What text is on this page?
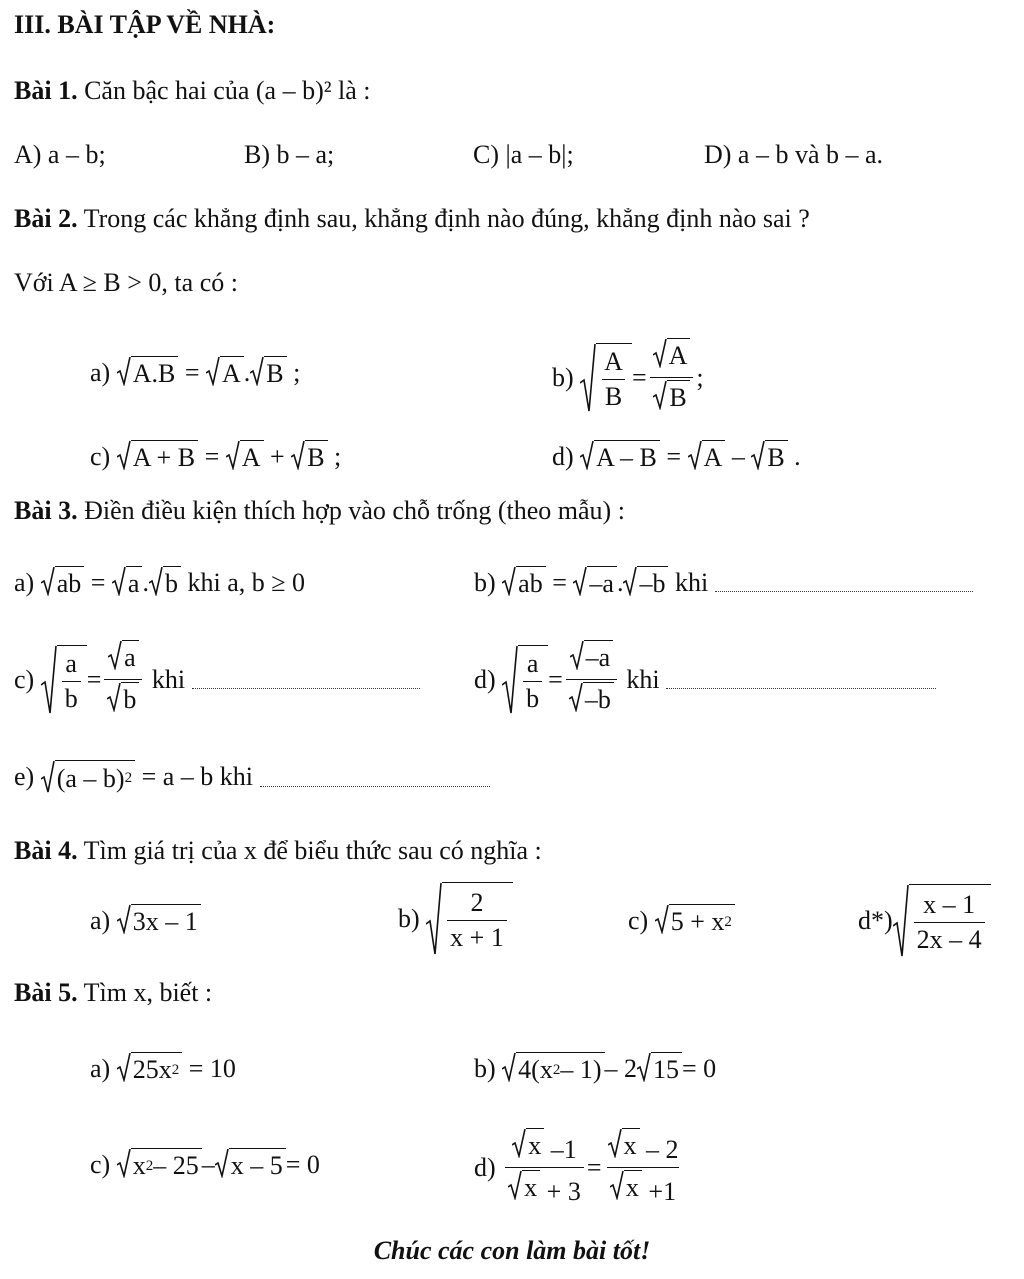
III. BÀI TẬP VỀ NHÀ:
Bài 1. Căn bậc hai của (a – b)² là :
A) a – b;	B) b – a;	C) |a – b|;	D) a – b và b – a.
Bài 2. Trong các khẳng định sau, khẳng định nào đúng, khẳng định nào sai ?
Với A ≥ B > 0, ta có :
a)
A.B = A . B
;	b)
$\frac{A}{B} = \frac{A}{B}$ ;
c)
A + B = A + B
;	d)
A – B = A – B
.
Bài 3. Điền điều kiện thích hợp vào chỗ trống (theo mẫu) :
a)
ab = a . b
khi a, b ≥ 0	b)
ab = –a . –b
khi

c)
$\frac{a}{b} = \frac{a}{b}$
khi
	d)
$\frac{a}{b} = \frac{-a}{-b}$
khi

e)
(a – b) 2
= a – b
khi

Bài 4. Tìm giá trị của x để biểu thức sau có nghĩa :
a)
3x – 1	b)
$\frac{2}{x + 1}$	c)
5 + x 2	$d*) \frac{x - 1}{2x - 4}$
Bài 5. Tìm x, biết :
a)
25x 2
= 10	b)
4(x 2 – 1) – 2 15 = 0
c)
x 2 – 25 – x – 5 = 0	d)
$\frac{x -1}{x + 3} = \frac{x - 2}{x +1}$
Chúc các con làm bài tốt!
